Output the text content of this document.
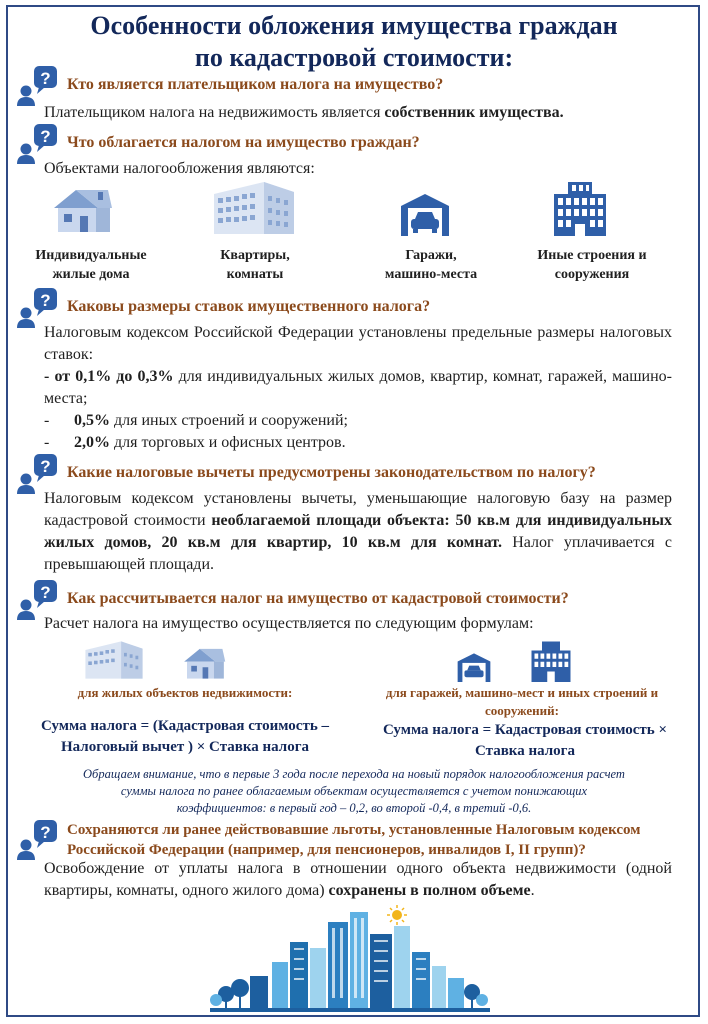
Особенности обложения имущества граждан
по кадастровой стоимости:
Кто является плательщиком налога на имущество?
Плательщиком налога на недвижимость является собственник имущества.
Что облагается налогом на имущество граждан?
Объектами налогообложения являются:
Индивидуальные
жилые дома
Квартиры,
комнаты
Гаражи,
машино-места
Иные строения и
сооружения
Каковы размеры ставок имущественного налога?
Налоговым кодексом Российской Федерации установлены предельные размеры налоговых ставок:
- от 0,1% до 0,3% для индивидуальных жилых домов, квартир, комнат, гаражей, машино-места;
- 0,5% для иных строений и сооружений;
- 2,0% для торговых и офисных центров.
Какие налоговые вычеты предусмотрены законодательством по налогу?
Налоговым кодексом установлены вычеты, уменьшающие налоговую базу на размер кадастровой стоимости необлагаемой площади объекта: 50 кв.м для индивидуальных жилых домов, 20 кв.м для квартир, 10 кв.м для комнат. Налог уплачивается с превышающей площади.
Как рассчитывается налог на имущество от кадастровой стоимости?
Расчет налога на имущество осуществляется по следующим формулам:
для жилых объектов недвижимости:	для гаражей, машино-мест и иных строений и
сооружений:
Сумма налога = (Кадастровая стоимость –
Налоговый вычет ) × Ставка налога
Сумма налога = Кадастровая стоимость ×
Ставка налога
Обращаем внимание, что в первые 3 года после перехода на новый порядок налогообложения расчет
суммы налога по ранее облагаемым объектам осуществляется с учетом понижающих
коэффициентов: в первый год – 0,2, во второй -0,4, в третий -0,6.
Сохраняются ли ранее действовавшие льготы, установленные Налоговым кодексом
Российской Федерации (например, для пенсионеров, инвалидов I, II групп)?
Освобождение от уплаты налога в отношении одного объекта недвижимости (одной квартиры, комнаты, одного жилого дома) сохранены в полном объеме.
